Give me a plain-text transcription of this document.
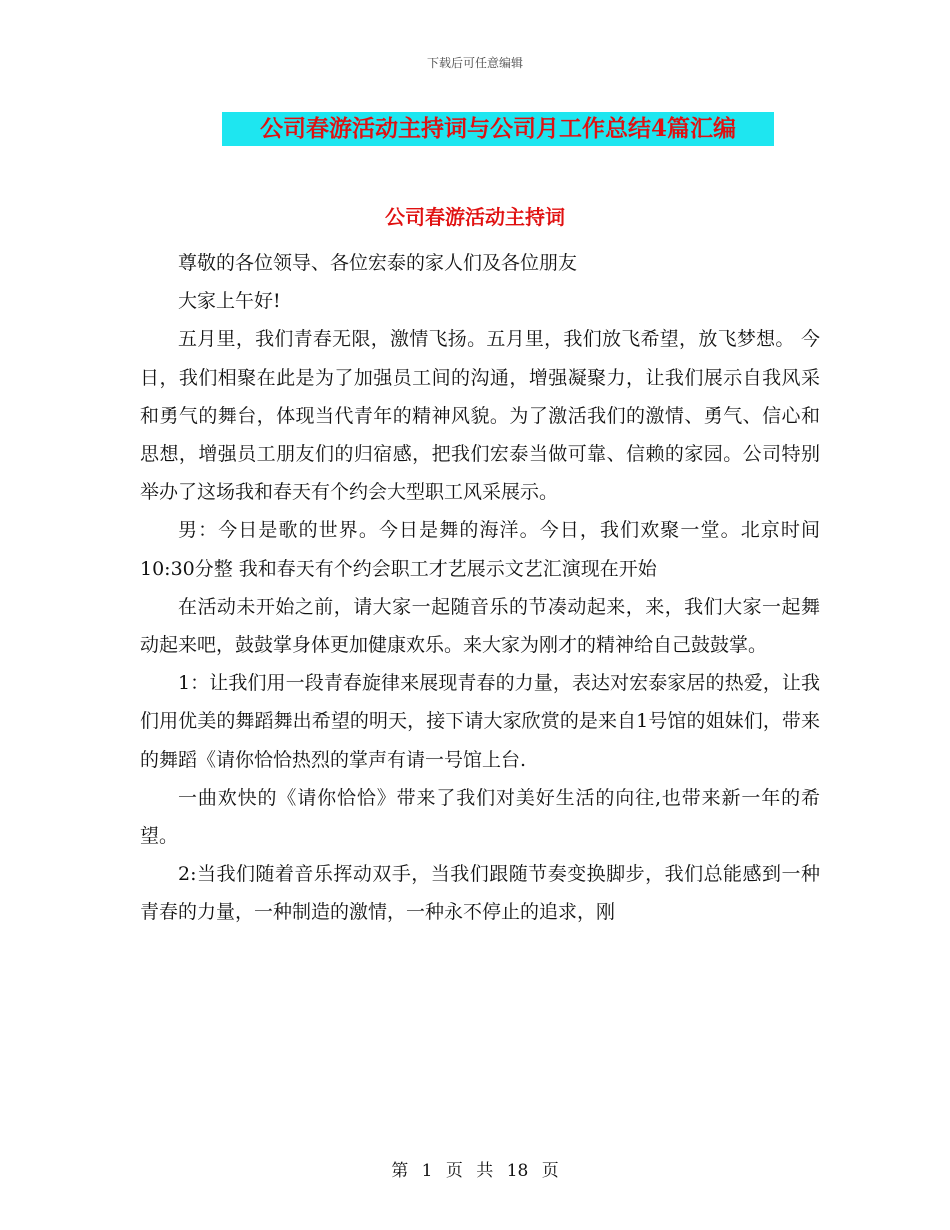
下载后可任意编辑
公司春游活动主持词与公司月工作总结4篇汇编
公司春游活动主持词

尊敬的各位领导、各位宏泰的家人们及各位朋友

大家上午好!

五月里，我们青春无限，激情飞扬。五月里，我们放飞希望，放飞梦想。 今日，我们相聚在此是为了加强员工间的沟通，增强凝聚力，让我们展示自我风采和勇气的舞台，体现当代青年的精神风貌。为了激活我们的激情、勇气、信心和思想，增强员工朋友们的归宿感，把我们宏泰当做可靠、信赖的家园。公司特别举办了这场我和春天有个约会大型职工风采展示。

男：今日是歌的世界。今日是舞的海洋。今日，我们欢聚一堂。北京时间10:30分整 我和春天有个约会职工才艺展示文艺汇演现在开始

在活动未开始之前，请大家一起随音乐的节凑动起来，来，我们大家一起舞动起来吧，鼓鼓掌身体更加健康欢乐。来大家为刚才的精神给自己鼓鼓掌。

1：让我们用一段青春旋律来展现青春的力量，表达对宏泰家居的热爱，让我们用优美的舞蹈舞出希望的明天，接下请大家欣赏的是来自1号馆的姐妹们，带来的舞蹈《请你恰恰热烈的掌声有请一号馆上台.

一曲欢快的《请你恰恰》带来了我们对美好生活的向往,也带来新一年的希望。

2:当我们随着音乐挥动双手，当我们跟随节奏变换脚步，我们总能感到一种青春的力量，一种制造的激情，一种永不停止的追求，刚

第 1 页 共 18 页
